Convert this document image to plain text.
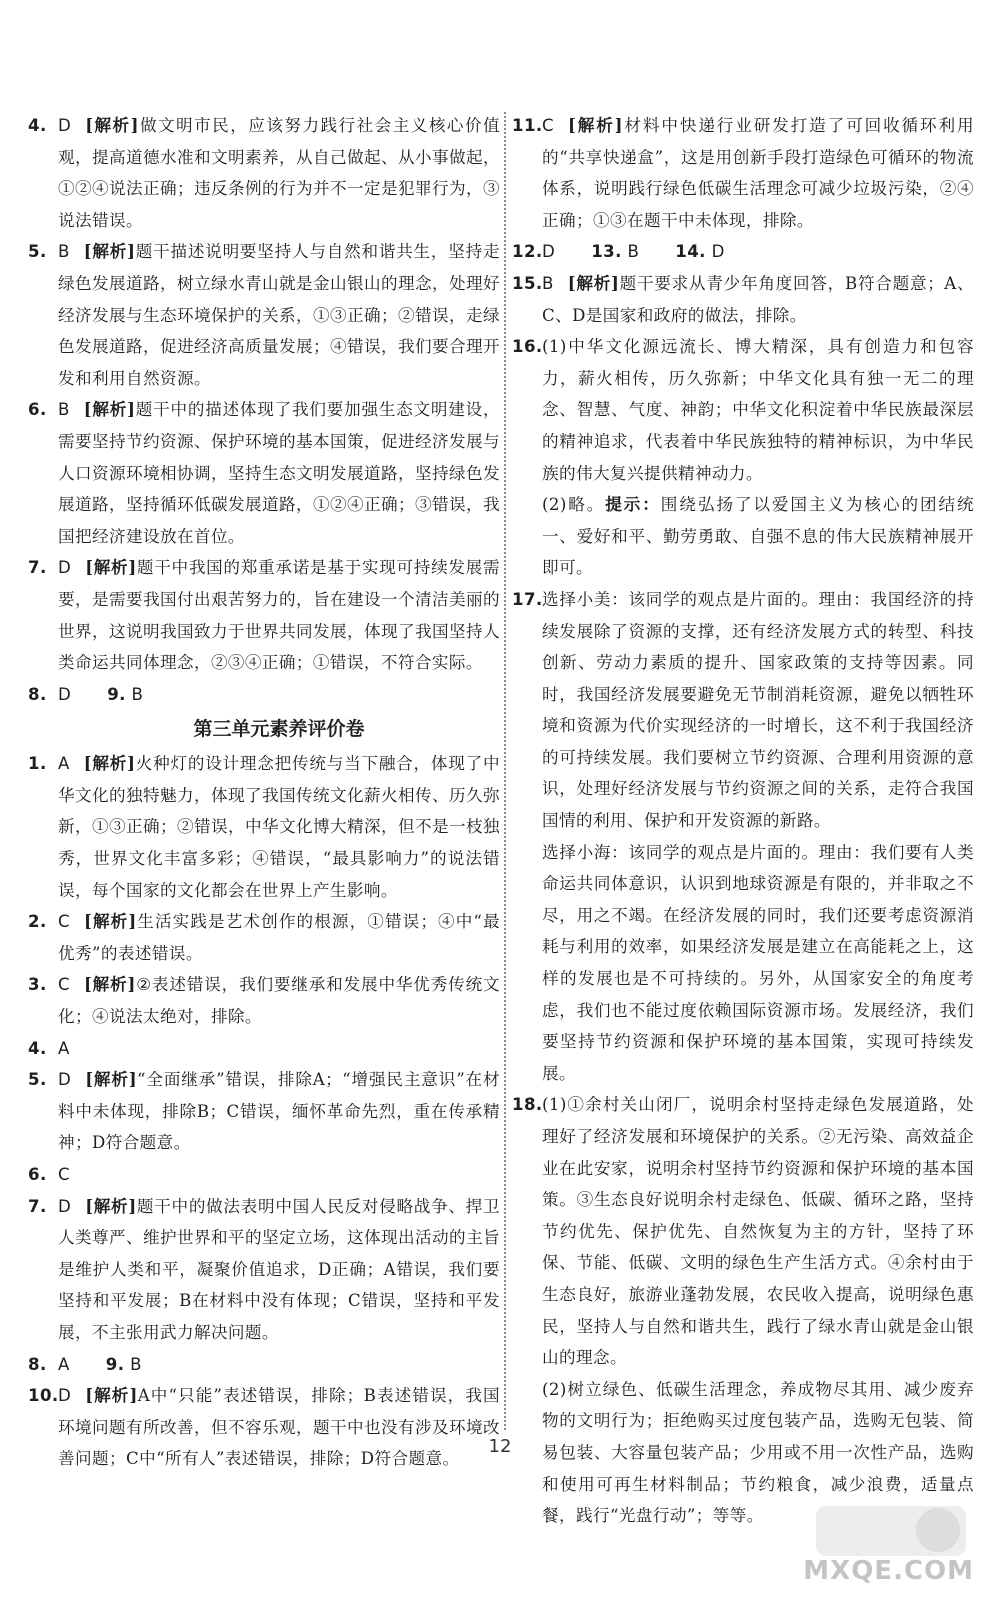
4. D [解析]做文明市民，应该努力践行社会主义核心价值观，提高道德水准和文明素养，从自己做起、从小事做起，①②④说法正确；违反条例的行为并不一定是犯罪行为，③说法错误。

5. B [解析]题干描述说明要坚持人与自然和谐共生，坚持走绿色发展道路，树立绿水青山就是金山银山的理念，处理好经济发展与生态环境保护的关系，①③正确；②错误，走绿色发展道路，促进经济高质量发展；④错误，我们要合理开发和利用自然资源。

6. B [解析]题干中的描述体现了我们要加强生态文明建设，需要坚持节约资源、保护环境的基本国策，促进经济发展与人口资源环境相协调，坚持生态文明发展道路，坚持绿色发展道路，坚持循环低碳发展道路，①②④正确；③错误，我国把经济建设放在首位。

7. D [解析]题干中我国的郑重承诺是基于实现可持续发展需要，是需要我国付出艰苦努力的，旨在建设一个清洁美丽的世界，这说明我国致力于世界共同发展，体现了我国坚持人类命运共同体理念，②③④正确；①错误，不符合实际。

8. D 9. B

第三单元素养评价卷

1. A [解析]火种灯的设计理念把传统与当下融合，体现了中华文化的独特魅力，体现了我国传统文化薪火相传、历久弥新，①③正确；②错误，中华文化博大精深，但不是一枝独秀，世界文化丰富多彩；④错误，“最具影响力”的说法错误，每个国家的文化都会在世界上产生影响。

2. C [解析]生活实践是艺术创作的根源，①错误；④中“最优秀”的表述错误。

3. C [解析]②表述错误，我们要继承和发展中华优秀传统文化；④说法太绝对，排除。

4. A

5. D [解析]“全面继承”错误，排除A；“增强民主意识”在材料中未体现，排除B；C错误，缅怀革命先烈，重在传承精神；D符合题意。

6. C

7. D [解析]题干中的做法表明中国人民反对侵略战争、捍卫人类尊严、维护世界和平的坚定立场，这体现出活动的主旨是维护人类和平，凝聚价值追求，D正确；A错误，我们要坚持和平发展；B在材料中没有体现；C错误，坚持和平发展，不主张用武力解决问题。

8. A 9. B

10. D [解析]A中“只能”表述错误，排除；B表述错误，我国环境问题有所改善，但不容乐观，题干中也没有涉及环境改善问题；C中“所有人”表述错误，排除；D符合题意。

11. C [解析]材料中快递行业研发打造了可回收循环利用的“共享快递盒”，这是用创新手段打造绿色可循环的物流体系，说明践行绿色低碳生活理念可减少垃圾污染，②④正确；①③在题干中未体现，排除。

12. D 13. B 14. D

15. B [解析]题干要求从青少年角度回答，B符合题意；A、C、D是国家和政府的做法，排除。

16. (1)中华文化源远流长、博大精深，具有创造力和包容力，薪火相传，历久弥新；中华文化具有独一无二的理念、智慧、气度、神韵；中华文化积淀着中华民族最深层的精神追求，代表着中华民族独特的精神标识，为中华民族的伟大复兴提供精神动力。

(2)略。提示：围绕弘扬了以爱国主义为核心的团结统一、爱好和平、勤劳勇敢、自强不息的伟大民族精神展开即可。

17. 选择小美：该同学的观点是片面的。理由：我国经济的持续发展除了资源的支撑，还有经济发展方式的转型、科技创新、劳动力素质的提升、国家政策的支持等因素。同时，我国经济发展要避免无节制消耗资源，避免以牺牲环境和资源为代价实现经济的一时增长，这不利于我国经济的可持续发展。我们要树立节约资源、合理利用资源的意识，处理好经济发展与节约资源之间的关系，走符合我国国情的利用、保护和开发资源的新路。

选择小海：该同学的观点是片面的。理由：我们要有人类命运共同体意识，认识到地球资源是有限的，并非取之不尽，用之不竭。在经济发展的同时，我们还要考虑资源消耗与利用的效率，如果经济发展是建立在高能耗之上，这样的发展也是不可持续的。另外，从国家安全的角度考虑，我们也不能过度依赖国际资源市场。发展经济，我们要坚持节约资源和保护环境的基本国策，实现可持续发展。

18. (1)①余村关山闭厂，说明余村坚持走绿色发展道路，处理好了经济发展和环境保护的关系。②无污染、高效益企业在此安家，说明余村坚持节约资源和保护环境的基本国策。③生态良好说明余村走绿色、低碳、循环之路，坚持节约优先、保护优先、自然恢复为主的方针，坚持了环保、节能、低碳、文明的绿色生产生活方式。④余村由于生态良好，旅游业蓬勃发展，农民收入提高，说明绿色惠民，坚持人与自然和谐共生，践行了绿水青山就是金山银山的理念。

(2)树立绿色、低碳生活理念，养成物尽其用、减少废弃物的文明行为；拒绝购买过度包装产品，选购无包装、简易包装、大容量包装产品；少用或不用一次性产品，选购和使用可再生材料制品；节约粮食，减少浪费，适量点餐，践行“光盘行动”；等等。

12
MXQE.COM
